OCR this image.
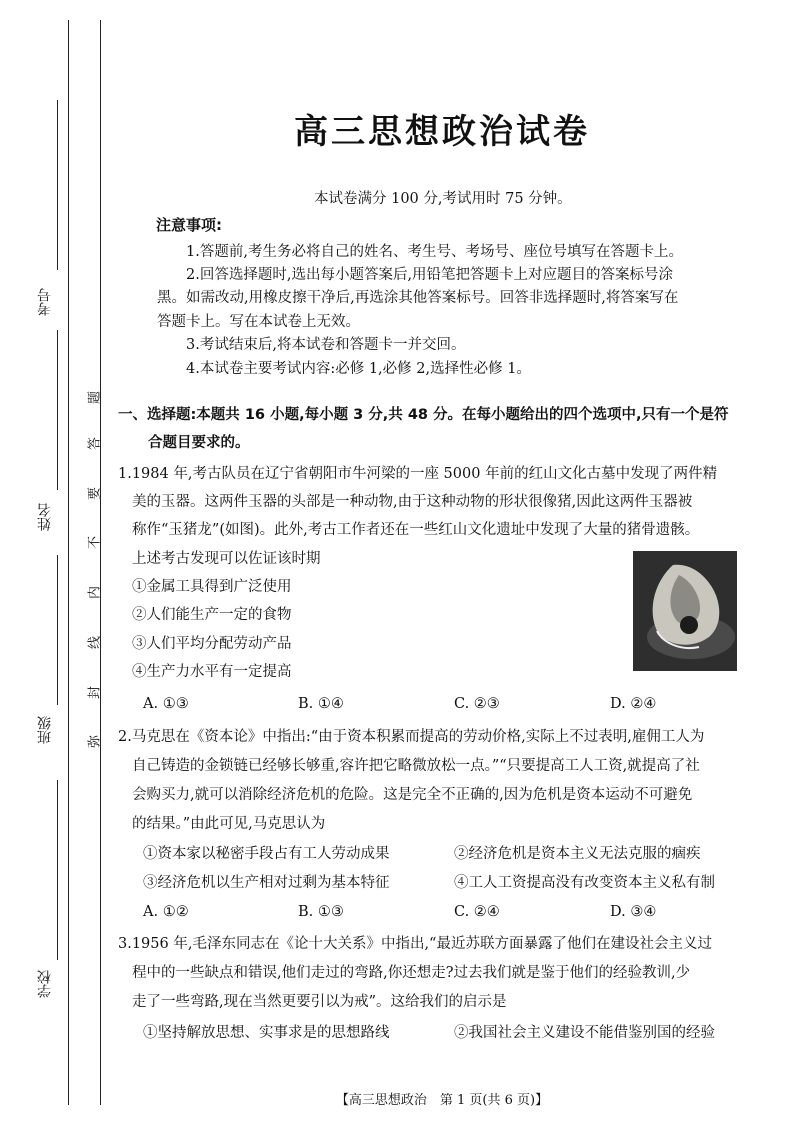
考号
姓名
班级
学校
题
答
要
不
内
线
封
弥
高三思想政治试卷
本试卷满分 100 分,考试用时 75 分钟。
注意事项:
1.答题前,考生务必将自己的姓名、考生号、考场号、座位号填写在答题卡上。
2.回答选择题时,选出每小题答案后,用铅笔把答题卡上对应题目的答案标号涂
黑。如需改动,用橡皮擦干净后,再选涂其他答案标号。回答非选择题时,将答案写在
答题卡上。写在本试卷上无效。
3.考试结束后,将本试卷和答题卡一并交回。
4.本试卷主要考试内容:必修 1,必修 2,选择性必修 1。
一、选择题:本题共 16 小题,每小题 3 分,共 48 分。在每小题给出的四个选项中,只有一个是符
合题目要求的。
1.1984 年,考古队员在辽宁省朝阳市牛河梁的一座 5000 年前的红山文化古墓中发现了两件精
美的玉器。这两件玉器的头部是一种动物,由于这种动物的形状很像猪,因此这两件玉器被
称作“玉猪龙”(如图)。此外,考古工作者还在一些红山文化遗址中发现了大量的猪骨遗骸。
上述考古发现可以佐证该时期
①金属工具得到广泛使用
②人们能生产一定的食物
③人们平均分配劳动产品
④生产力水平有一定提高
A. ①③	B. ①④	C. ②③	D. ②④
2.马克思在《资本论》中指出:“由于资本积累而提高的劳动价格,实际上不过表明,雇佣工人为
自己铸造的金锁链已经够长够重,容许把它略微放松一点。”“只要提高工人工资,就提高了社
会购买力,就可以消除经济危机的危险。这是完全不正确的,因为危机是资本运动不可避免
的结果。”由此可见,马克思认为
①资本家以秘密手段占有工人劳动成果	②经济危机是资本主义无法克服的痼疾
③经济危机以生产相对过剩为基本特征	④工人工资提高没有改变资本主义私有制
A. ①②	B. ①③	C. ②④	D. ③④
3.1956 年,毛泽东同志在《论十大关系》中指出,“最近苏联方面暴露了他们在建设社会主义过
程中的一些缺点和错误,他们走过的弯路,你还想走?过去我们就是鉴于他们的经验教训,少
走了一些弯路,现在当然更要引以为戒”。这给我们的启示是
①坚持解放思想、实事求是的思想路线	②我国社会主义建设不能借鉴别国的经验
【高三思想政治　第 1 页(共 6 页)】
